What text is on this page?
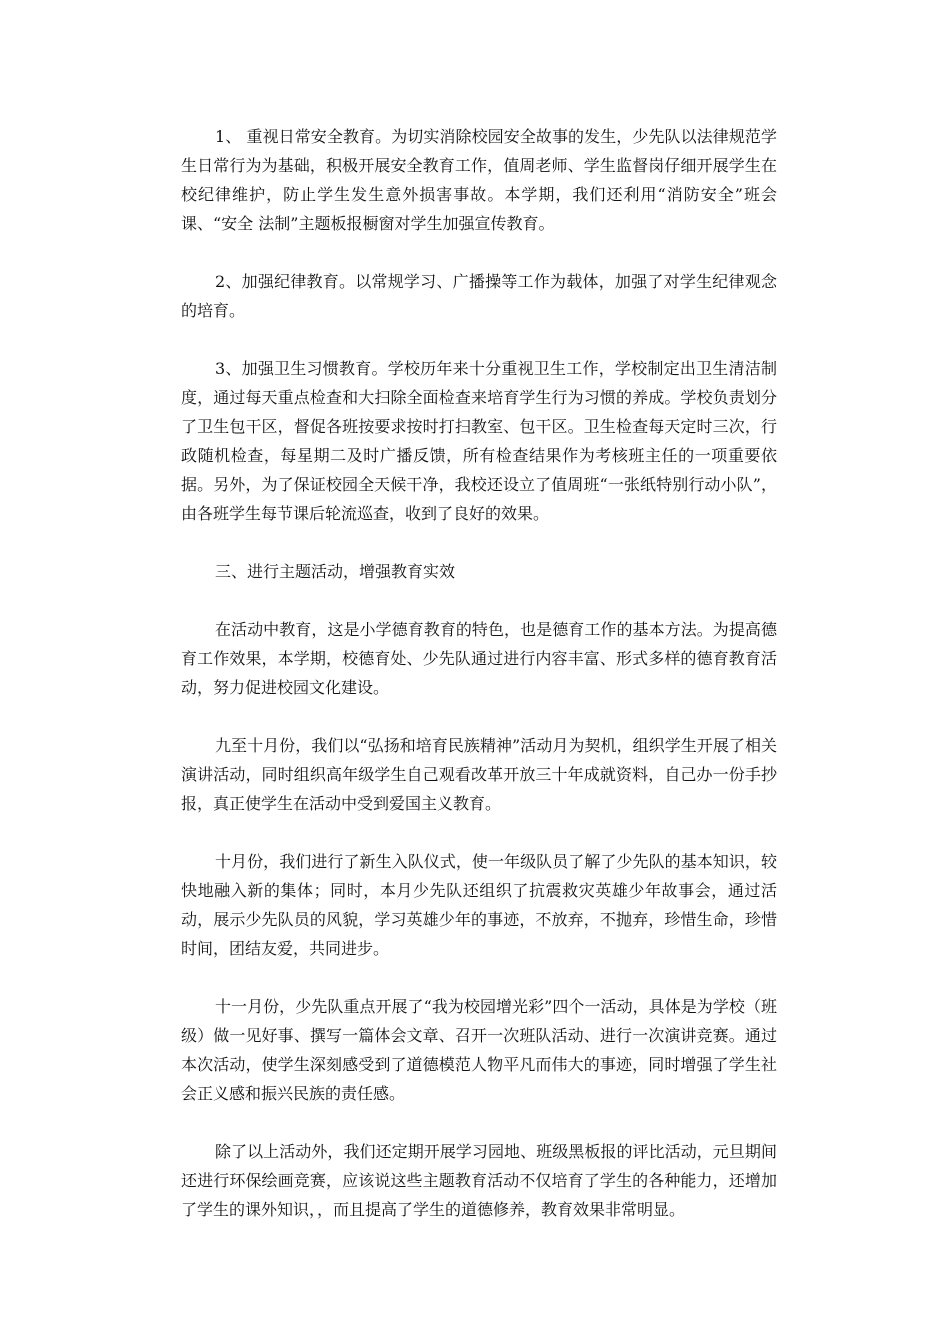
1、 重视日常安全教育。为切实消除校园安全故事的发生，少先队以法律规范学生日常行为为基础，积极开展安全教育工作，值周老师、学生监督岗仔细开展学生在校纪律维护，防止学生发生意外损害事故。本学期，我们还利用“消防安全”班会课、“安全 法制”主题板报橱窗对学生加强宣传教育。

2、加强纪律教育。以常规学习、广播操等工作为载体，加强了对学生纪律观念的培育。

3、加强卫生习惯教育。学校历年来十分重视卫生工作，学校制定出卫生清洁制度，通过每天重点检查和大扫除全面检查来培育学生行为习惯的养成。学校负责划分了卫生包干区，督促各班按要求按时打扫教室、包干区。卫生检查每天定时三次，行政随机检查，每星期二及时广播反馈，所有检查结果作为考核班主任的一项重要依据。另外，为了保证校园全天候干净，我校还设立了值周班“一张纸特别行动小队”，由各班学生每节课后轮流巡查，收到了良好的效果。

三、进行主题活动，增强教育实效

在活动中教育，这是小学德育教育的特色，也是德育工作的基本方法。为提高德育工作效果，本学期，校德育处、少先队通过进行内容丰富、形式多样的德育教育活动，努力促进校园文化建设。

九至十月份，我们以“弘扬和培育民族精神”活动月为契机，组织学生开展了相关演讲活动，同时组织高年级学生自己观看改革开放三十年成就资料，自己办一份手抄报，真正使学生在活动中受到爱国主义教育。

十月份，我们进行了新生入队仪式，使一年级队员了解了少先队的基本知识，较快地融入新的集体；同时，本月少先队还组织了抗震救灾英雄少年故事会，通过活动，展示少先队员的风貌，学习英雄少年的事迹，不放弃，不抛弃，珍惜生命，珍惜时间，团结友爱，共同进步。

十一月份，少先队重点开展了“我为校园增光彩”四个一活动，具体是为学校（班级）做一见好事、撰写一篇体会文章、召开一次班队活动、进行一次演讲竞赛。通过本次活动，使学生深刻感受到了道德模范人物平凡而伟大的事迹，同时增强了学生社会正义感和振兴民族的责任感。

除了以上活动外，我们还定期开展学习园地、班级黑板报的评比活动，元旦期间还进行环保绘画竞赛，应该说这些主题教育活动不仅培育了学生的各种能力，还增加了学生的课外知识，，而且提高了学生的道德修养，教育效果非常明显。
